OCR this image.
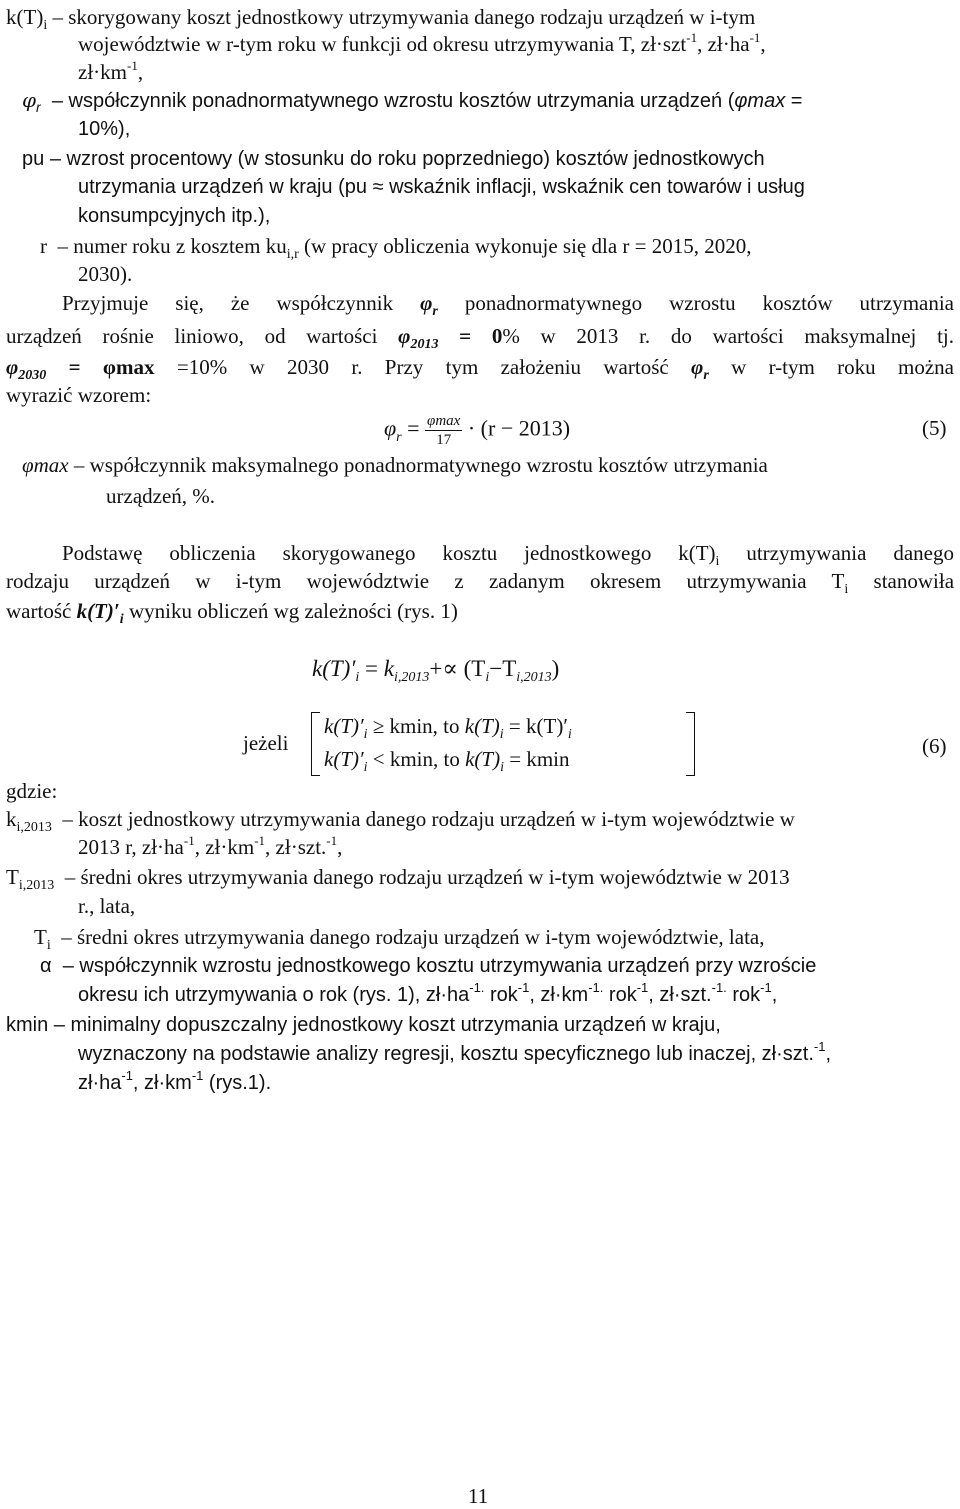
$k(T)_i$ – skorygowany koszt jednostkowy utrzymywania danego rodzaju urządzeń w i-tym
województwie w r-tym roku w funkcji od okresu utrzymywania T, zł·szt$^{-1}$, $zł\cdot ha^{-1}$,
$zł\cdot km^{-1}$,
$\varphi_r$ – współczynnik ponadnormatywnego wzrostu kosztów utrzymania urządzeń (φmax =
10%),
pu – wzrost procentowy (w stosunku do roku poprzedniego) kosztów jednostkowych
utrzymania urządzeń w kraju (pu ≈ wskaźnik inflacji, wskaźnik cen towarów i usług
konsumpcyjnych itp.),
r – numer roku z kosztem $ku_{i,r}$ (w pracy obliczenia wykonuje się dla r = 2015, 2020,
2030).
Przyjmuje się, że współczynnik $\varphi_r$ ponadnormatywnego wzrostu kosztów utrzymania
urządzeń rośnie liniowo, od wartości $\varphi_{2013} = 0\%$ w 2013 r. do wartości maksymalnej tj.
$\varphi_{2030} = \varphi\max =10\%$ w 2030 r. Przy tym założeniu wartość $\varphi_r$ w r-tym roku można
wyrazić wzorem:
$\varphi_r = \frac{\varphi\max}{17} \cdot (r - 2013)$	(5)
φmax – współczynnik maksymalnego ponadnormatywnego wzrostu kosztów utrzymania
urządzeń, %.
Podstawę obliczenia skorygowanego kosztu jednostkowego $k(T)_i$ utrzymywania danego
rodzaju urządzeń w i-tym województwie z zadanym okresem utrzymywania $T_i$ stanowiła
wartość $k(T)'_i$ wyniku obliczeń wg zależności (rys. 1)
$k(T)'_i = k_{i,2013}+\propto (T_i-T_{i,2013})$
jeżeli
$k(T)'_i \ge kmin$, to $k(T)_i = k(T)'_i$
$k(T)'_i < kmin$, to $k(T)_i = kmin$
(6)
gdzie:
$k_{i,2013}$ – koszt jednostkowy utrzymywania danego rodzaju urządzeń w i-tym województwie w
2013 r, $zł\cdot ha^{-1}$, $zł\cdot km^{-1}$, zł·szt.$^{-1}$,
$T_{i,2013}$ – średni okres utrzymywania danego rodzaju urządzeń w i-tym województwie w 2013
r., lata,
$T_i$ – średni okres utrzymywania danego rodzaju urządzeń w i-tym województwie, lata,
α – współczynnik wzrostu jednostkowego kosztu utrzymywania urządzeń przy wzroście
okresu ich utrzymywania o rok (rys. 1), $zł\cdot ha^{-1.}$ rok$^{-1}$, $zł\cdot km^{-1.}$ rok$^{-1}$, zł·szt.$^{-1.}$ rok$^{-1}$,
kmin – minimalny dopuszczalny jednostkowy koszt utrzymania urządzeń w kraju,
wyznaczony na podstawie analizy regresji, kosztu specyficznego lub inaczej, zł·szt.$^{-1}$,
$zł\cdot ha^{-1}$, $zł\cdot km^{-1}$ (rys.1).
11
